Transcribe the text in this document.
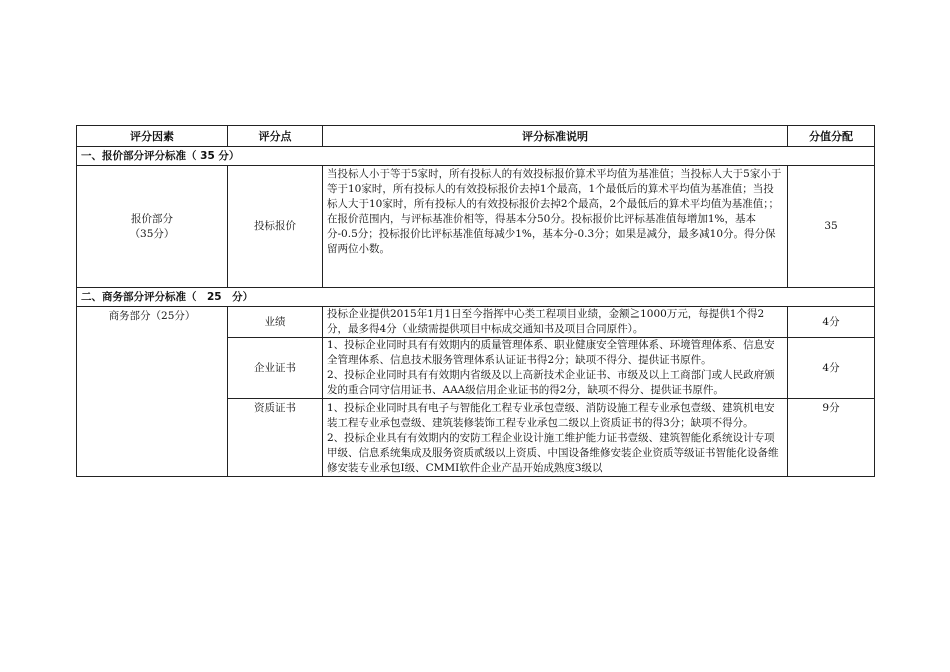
评分因素	评分点	评分标准说明	分值分配
一、报价部分评分标准（ 35 分）			

报价部分
（35分）	投标报价	当投标人小于等于5家时，所有投标人的有效投标报价算术平均值为基准值；当投标人大于5家小于等于10家时，所有投标人的有效投标报价去掉1个最高，1个最低后的算术平均值为基准值；当投标人大于10家时，所有投标人的有效投标报价去掉2个最高，2个最低后的算术平均值为基准值；；在报价范围内，与评标基准价相等，得基本分50分。投标报价比评标基准值每增加1%，基本分-0.5分；投标报价比评标基准值每减少1%，基本分-0.3分；如果是减分，最多减10分。得分保留两位小数。	35
二、商务部分评分标准（　25　分）			
商务部分（25分）	业绩	投标企业提供2015年1月1日至今指挥中心类工程项目业绩，金额≧1000万元，每提供1个得2分，最多得4分（业绩需提供项目中标成交通知书及项目合同原件）。	4分
	企业证书	1、投标企业同时具有有效期内的质量管理体系、职业健康安全管理体系、环境管理体系、信息安全管理体系、信息技术服务管理体系认证证书得2分；缺项不得分、提供证书原件。

2、投标企业同时具有有效期内省级及以上高新技术企业证书、市级及以上工商部门或人民政府颁发的重合同守信用证书、AAA级信用企业证书的得2分，缺项不得分、提供证书原件。	4分
	资质证书	1、投标企业同时具有电子与智能化工程专业承包壹级、消防设施工程专业承包壹级、建筑机电安装工程专业承包壹级、建筑装修装饰工程专业承包二级以上资质证书的得3分；缺项不得分。

2、投标企业具有有效期内的安防工程企业设计施工维护能力证书壹级、建筑智能化系统设计专项甲级、信息系统集成及服务资质贰级以上资质、中国设备维修安装企业资质等级证书智能化设备维修安装专业承包Ⅰ级、CMMI软件企业产品开始成熟度3级以	9分
